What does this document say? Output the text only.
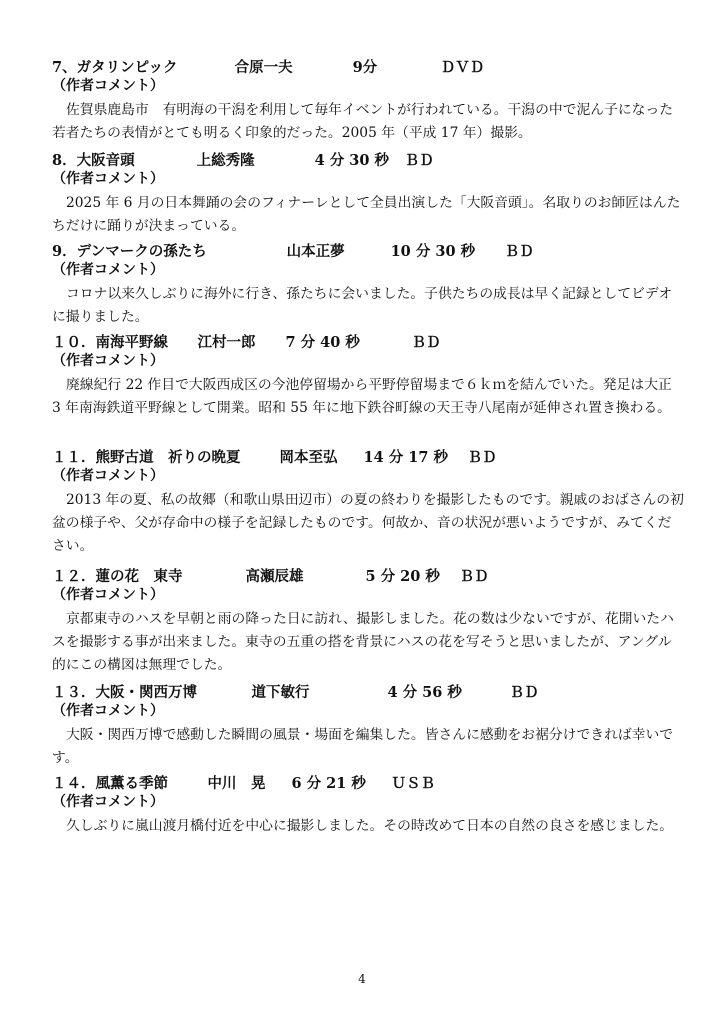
7、 ガタリンピック	合原一夫	9分	ＤＶＤ
（作者コメント）
佐賀県鹿島市　有明海の干潟を利用して毎年イベントが行われている。干潟の中で泥ん子になった若者たちの表情がとても明るく印象的だった。2005 年（平成 17 年）撮影。
8． 大阪音頭	上総秀隆	4 分 30 秒	ＢＤ
（作者コメント）
2025 年 6 月の日本舞踊の会のフィナーレとして全員出演した「大阪音頭」。名取りのお師匠はんたちだけに踊りが決まっている。
9． デンマークの孫たち	山本正夢	10 分 30 秒	ＢＤ
（作者コメント）
コロナ以来久しぶりに海外に行き、孫たちに会いました。子供たちの成長は早く記録としてビデオに撮りました。
１０． 南海平野線	江村一郎	7 分 40 秒	ＢＤ
（作者コメント）
廃線紀行 22 作目で大阪西成区の今池停留場から平野停留場まで６ｋｍを結んでいた。発足は大正 3 年南海鉄道平野線として開業。昭和 55 年に地下鉄谷町線の天王寺八尾南が延伸され置き換わる。
１１． 熊野古道　祈りの晩夏	岡本至弘	14 分 17 秒	ＢＤ
（作者コメント）
2013 年の夏、私の故郷（和歌山県田辺市）の夏の終わりを撮影したものです。親戚のおばさんの初盆の様子や、父が存命中の様子を記録したものです。何故か、音の状況が悪いようですが、みてください。
１２． 蓮の花　東寺	高瀬辰雄	5 分 20 秒	ＢＤ
（作者コメント）
京都東寺のハスを早朝と雨の降った日に訪れ、撮影しました。花の数は少ないですが、花開いたハスを撮影する事が出来ました。東寺の五重の搭を背景にハスの花を写そうと思いましたが、アングル的にこの構図は無理でした。
１３． 大阪・関西万博	道下敏行	4 分 56 秒	ＢＤ
（作者コメント）
大阪・関西万博で感動した瞬間の風景・場面を編集した。皆さんに感動をお裾分けできれば幸いです。
１４． 風薫る季節	中川　晃	6 分 21 秒	ＵＳＢ
（作者コメント）
久しぶりに嵐山渡月橋付近を中心に撮影しました。その時改めて日本の自然の良さを感じました。
4
